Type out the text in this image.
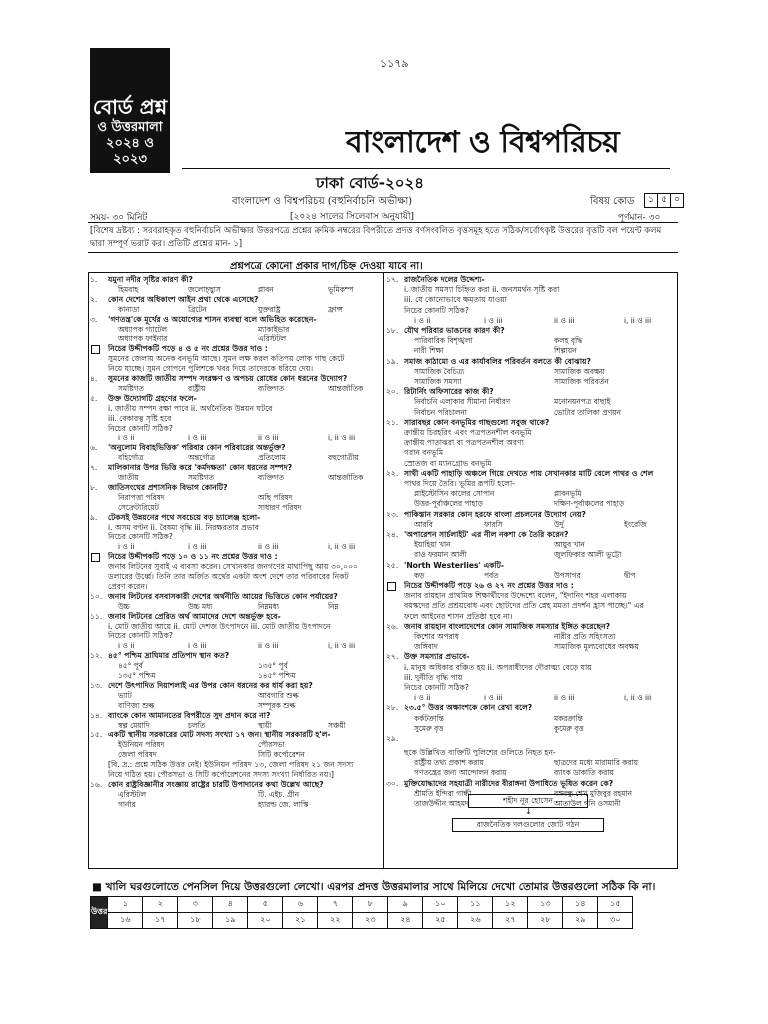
১১৭৯
বোর্ড প্রশ্ন
ও উত্তরমালা
২০২৪ ও ২০২৩	বাংলাদেশ ও বিশ্বপরিচয়
ঢাকা বোর্ড-২০২৪
বাংলাদেশ ও বিশ্বপরিচয় (বহুনির্বাচনি অভীক্ষা)	বিষয় কোড	১ ৫ ০
সময়- ৩০ মিনিট	[২০২৪ সালের সিলেবাস অনুযায়ী]	পূর্ণমান- ৩০
[বিশেষ দ্রষ্টব্য : সরবরাহকৃত বহুনির্বাচনি অভীক্ষার উত্তরপত্রে প্রশ্নের ক্রমিক নম্বরের বিপরীতে প্রদত্ত বর্ণসংবলিত বৃত্তসমূহ হতে সঠিক/সর্বোৎকৃষ্ট উত্তরের বৃত্তটি বল পয়েন্ট কলম দ্বারা সম্পূর্ণ ভরাট কর। প্রতিটি প্রশ্নের মান- ১]
প্রশ্নপত্রে কোনো প্রকার দাগ/চিহ্ন দেওয়া যাবে না।
১. যমুনা নদীর সৃষ্টির কারণ কী?
হিমবাহ	জলোচ্ছ্বাস	প্লাবন	ভূমিকম্প
২. কোন দেশের অধিকাংশ আইন প্রথা থেকে এসেছে?
কানাডা	ব্রিটেন	যুক্তরাষ্ট্র	ফ্রান্স
৩. 'গণতন্ত্র'কে মূর্খের ও অযোগ্যের শাসন ব্যবস্থা বলে অভিহিত করেছেন-
অধ্যাপক গ্যাটেল	ম্যাকাইভার
অধ্যাপক ফাইনার	এরিস্টটল
নিচের উদ্দীপকটি পড়ে ৪ ও ৫ নং প্রশ্নের উত্তর দাও :
সুমনের জেলায় অনেক বনভূমি আছে। সুমন লক্ষ করল কতিপয় লোক গাছ কেটে
নিয়ে যাচ্ছে। সুমন গোপনে পুলিশকে খবর দিয়ে তাদেরকে ধরিয়ে দেয়।
৪. সুমনের কাজটি জাতীয় সম্পদ সংরক্ষণ ও অপচয় রোধের কোন ধরনের উদ্যোগ?
সমষ্টিগত	রাষ্ট্রীয়	ব্যক্তিগত	আন্তর্জাতিক
৫. উক্ত উদ্যোগটি গ্রহণের ফলে-
i. জাতীয় সম্পদ রক্ষা পাবে ii. অর্থনৈতিক উন্নয়ন ঘটবে
iii. বেকারত্ব সৃষ্টি হবে
নিচের কোনটি সঠিক?
i ও ii	i ও iii	ii ও iii	i, ii ও iii
৬. 'অনুলোম বিবাহভিত্তিক' পরিবার কোন পরিবারের অন্তর্ভুক্ত?
বহির্গোত্র	অন্তর্গোত্র	প্রতিলোম	বহুগোত্রীয়
৭. মালিকানার উপর ভিত্তি করে 'কর্মদক্ষতা' কোন ধরনের সম্পদ?
জাতীয়	সমষ্টিগত	ব্যক্তিগত	আন্তর্জাতিক
৮. জাতিসংঘের প্রশাসনিক বিভাগ কোনটি?
নিরাপত্তা পরিষদ	অছি পরিষদ
সেক্রেটারিয়েট	সাধারণ পরিষদ
৯. টেকসই উন্নয়নের পথে সবচেয়ে বড় চ্যালেঞ্জ হলো-
i. অসম বণ্টন ii. বৈষম্য বৃদ্ধি iii. নিরক্ষরতার প্রভাব
নিচের কোনটি সঠিক?
i ও ii	i ও iii	ii ও iii	i, ii ও iii
নিচের উদ্দীপকটি পড়ে ১০ ও ১১ নং প্রশ্নের উত্তর দাও :
জনাব লিটনের সুবাই এ ব্যবসা করেন। সেখানকার জনগণের মাথাপিছু আয় ৩০,০০০
ডলারের উর্ধ্বে। তিনি তার অর্জিত অর্থের একটা অংশ দেশে তার পরিবারের নিকট
প্রেরণ করেন।
১০. জনাব লিটনের বসবাসকারী দেশের অর্থনীতি আয়ের ভিত্তিতে কোন পর্যায়ের?
উচ্চ	উচ্চ মধ্য	নিম্নমধ্য	নিম্ন
১১. জনাব লিটনের প্রেরিত অর্থ আমাদের দেশে অন্তর্ভুক্ত হবে-
i. মোট জাতীয় আয়ে ii. মোট দেশজ উৎপাদনে iii. মোট জাতীয় উৎপাদনে
নিচের কোনটি সঠিক?
i ও ii	i ও iii	ii ও iii	i, ii ও iii
১২. ৪৫° পশ্চিম দ্রাঘিমার প্রতিপাদ স্থান কত?
৪৫° পূর্ব	১৩৫° পূর্ব
১৩৫° পশ্চিম	১৪৫° পশ্চিম
১৩. দেশে উৎপাদিত দিয়াশলাই এর উপর কোন ধরনের কর ধার্য করা হয়?
ভ্যাট	আবগারি শুল্ক
বাণিজ্য শুল্ক	সম্পূরক শুল্ক
১৪. ব্যাংকে কোন আমানতের বিপরীতে সুদ প্রদান করে না?
স্বল্প মেয়াদি	চলতি	স্থায়ী	সঞ্চয়ী
১৫. একটি স্থানীয় সরকারের মোট সদস্য সংখ্যা ১৭ জন। স্থানীয় সরকারটি হ'ল-
ইউনিয়ন পরিষদ	পৌরসভা
জেলা পরিষদ	সিটি কর্পোরেশন
[বি. দ্র.: প্রশ্নে সঠিক উত্তর নেই। ইউনিয়ন পরিষদ ১৩, জেলা পরিষদ ২১ জন সদস্য
নিয়ে গঠিত হয়। পৌরসভা ও সিটি কর্পোরেশনের সদস্য সংখ্যা নির্ধারিত নয়।]
১৬. কোন রাষ্ট্রবিজ্ঞানীর সংজ্ঞায় রাষ্ট্রের চারটি উপাদানের কথা উল্লেখ আছে?
এরিস্টটল	টি. এইচ. গ্রীন
গার্নার	হ্যারল্ড জে. লাস্কি
১৭. রাজনৈতিক দলের উদ্দেশ্য-
i. জাতীয় সমস্যা চিহ্নিত করা ii. জনসমর্থন সৃষ্টি করা
iii. যে কোনোভাবে ক্ষমতায় যাওয়া
নিচের কোনটি সঠিক?
i ও ii	i ও iii	ii ও iii	i, ii ও iii
১৮. যৌথ পরিবার ভাঙনের কারণ কী?
পারিবারিক বিশৃঙ্খলা	কলহ বৃদ্ধি
নারী শিক্ষা	শিল্পায়ন
১৯. সমাজ কাঠামো ও এর কার্যাবলির পরিবর্তন বলতে কী বোঝায়?
সামাজিক বৈচিত্র্য	সামাজিক অবক্ষয়
সামাজিক সমস্যা	সামাজিক পরিবর্তন
২০. রিটার্নিং অফিসারের কাজ কী?
নির্বাচনি এলাকার সীমানা নির্ধারণ	মনোনয়নপত্র বাছাই
নির্বাচন পরিচালনা	ভোটার তালিকা প্রণয়ন
২১. সারাবছর কোন বনভূমির গাছগুলো সবুজ থাকে?
ক্রান্তীয় চিরহরিৎ এবং পত্রপতনশীল বনভূমি
ক্রান্তীয় পাতাঝরা বা পত্রপতনশীল অরণ্য
গরান বনভূমি
স্রোতজ বা ম্যানগ্রোভ বনভূমি
২২. সাথী একটি পাহাড়ি অঞ্চলে গিয়ে দেখতে পায় সেখানকার মাটি বেলে পাথর ও শেল
পাথর দিয়ে তৈরি। ভূমির রূপটি হলো-
প্লাইস্টোসিন কালের সোপান	প্লাবনভূমি
উত্তর-পূর্বাঞ্চলের পাহাড়	দক্ষিণ-পূর্বাঞ্চলের পাহাড়
২৩. পাকিস্তান সরকার কোন হরফে বাংলা প্রচলনের উদ্যোগ নেয়?
আরবি	ফারসি	উর্দু	ইংরেজি
২৪. 'অপারেশন সার্চলাইট' এর নীল নকশা কে তৈরি করেন?
ইয়াহিয়া খান	আয়ুব খান
রাও ফরমান আলী	জুলফিকার আলী ভুট্টো
২৫. 'North Westerlies' একটি-
কড়	পর্বত	উপসাগর	দ্বীপ
নিচের উদ্দীপকটি পড়ে ২৬ ও ২৭ নং প্রশ্নের উত্তর দাও :
জনাব রায়হান প্রাথমিক শিক্ষার্থীদের উদ্দেশ্যে বলেন, "ইদানিং শহর এলাকায়
বয়স্কদের প্রতি প্রশ্রয়বোধ এবং ছোটদের প্রতি স্নেহ মমতা প্রদর্শন হ্রাস পাচ্ছে।" এর
ফলে আইনের শাসন প্রতিষ্ঠা হবে না।
২৬. জনাব রায়হান বাংলাদেশের কোন সামাজিক সমস্যার ইঙ্গিত করেছেন?
কিশোর অপরাধ	নারীর প্রতি সহিংসতা
জঙ্গিবাদ	সামাজিক মূল্যবোধের অবক্ষয়
২৭. উক্ত সমস্যার প্রভাবে-
i. মানুষ অধিকার বঞ্চিত হয় ii. অপরাধীদের দৌরাত্ম্য বেড়ে যায়
iii. দুর্নীতি বৃদ্ধি পায়
নিচের কোনটি সঠিক?
i ও ii	i ও iii	ii ও iii	i, ii ও iii
২৮. ২৩.৫° উত্তর অক্ষাংশকে কোন রেখা বলে?
কর্কটক্রান্তি	মকরক্রান্তি
সুমেরু বৃত্ত	কুমেরু বৃত্ত
২৯.
ছকে উল্লিখিত ব্যক্তিটি পুলিশের গুলিতে নিহত হন-
রাষ্ট্রীয় তথ্য প্রকাশ করায়	ছাত্রদের মধ্যে মারামারি করায়
গণতন্ত্রের জন্য আন্দোলন করায়	ব্যাংক ডাকাতি করায়
৩০. মুক্তিযোদ্ধাদের সহযাত্রী নারীদের বীরাঙ্গনা উপাধিতে ভূষিত করেন কে?
শ্রীমতি ইন্দিরা গান্ধী	বঙ্গবন্ধু শেখ মুজিবুর রহমান
তাজউদ্দীন আহমদ	আতাউল গনি ওসমানী
শহীদ নূর হোসেন
↓
রাজনৈতিক দলগুলোর জোট গঠন
■ খালি ঘরগুলোতে পেনসিল দিয়ে উত্তরগুলো লেখো। এরপর প্রদত্ত উত্তরমালার সাথে মিলিয়ে দেখো তোমার উত্তরগুলো সঠিক কি না।
উত্তর	১	২	৩	৪	৫	৬	৭	৮	৯	১০	১১	১২	১৩	১৪	১৫
	১৬	১৭	১৮	১৯	২০	২১	২২	২৩	২৪	২৫	২৬	২৭	২৮	২৯	৩০
